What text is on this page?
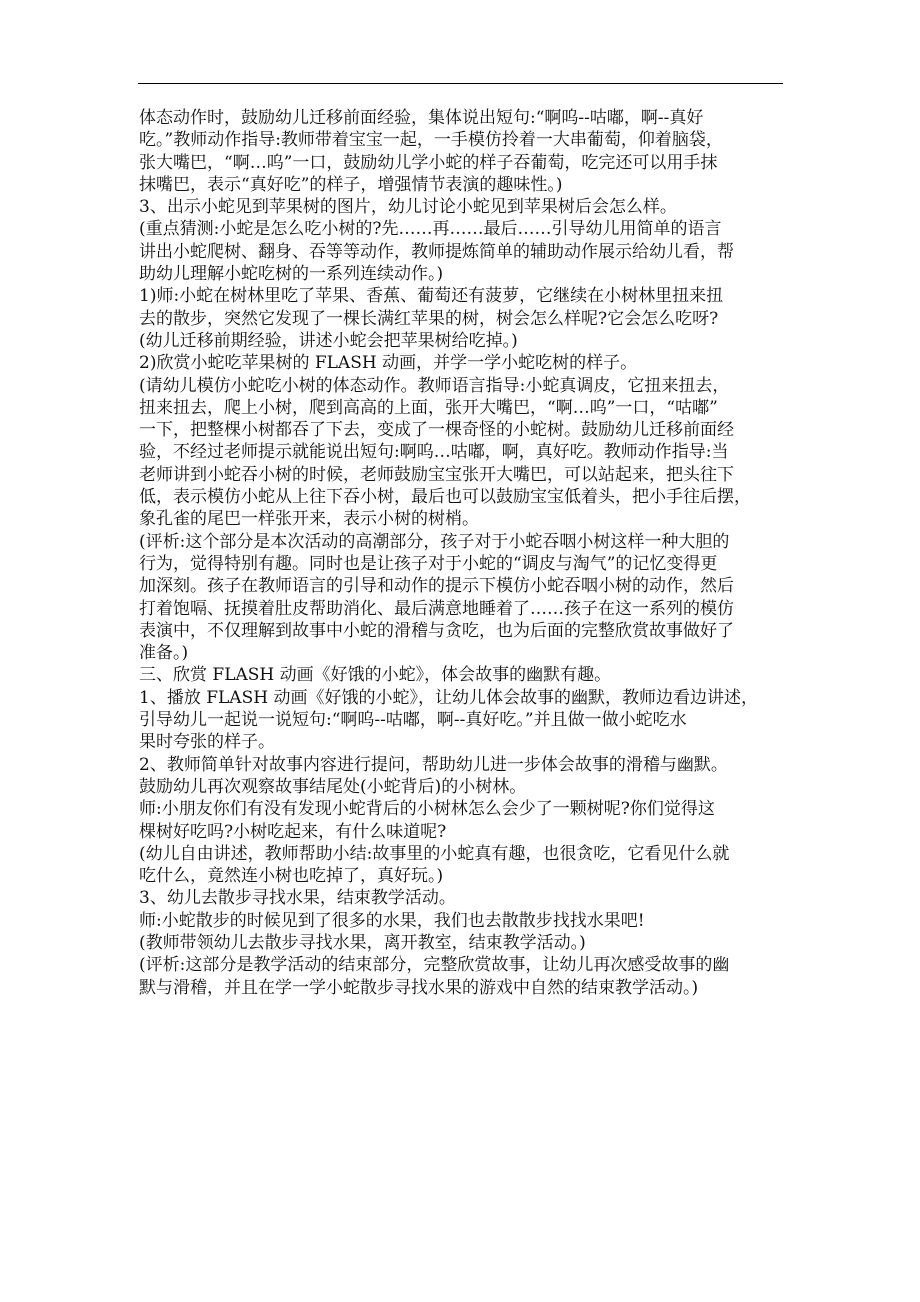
体态动作时，鼓励幼儿迁移前面经验，集体说出短句:“啊呜--咕嘟，啊--真好
吃。”教师动作指导:教师带着宝宝一起，一手模仿拎着一大串葡萄，仰着脑袋，
张大嘴巴，“啊…呜”一口，鼓励幼儿学小蛇的样子吞葡萄，吃完还可以用手抹
抹嘴巴，表示“真好吃”的样子，增强情节表演的趣味性。)
3、出示小蛇见到苹果树的图片，幼儿讨论小蛇见到苹果树后会怎么样。
(重点猜测:小蛇是怎么吃小树的?先……再……最后……引导幼儿用简单的语言
讲出小蛇爬树、翻身、吞等等动作，教师提炼简单的辅助动作展示给幼儿看，帮
助幼儿理解小蛇吃树的一系列连续动作。)
1)师:小蛇在树林里吃了苹果、香蕉、葡萄还有菠萝，它继续在小树林里扭来扭
去的散步，突然它发现了一棵长满红苹果的树，树会怎么样呢?它会怎么吃呀?
(幼儿迁移前期经验，讲述小蛇会把苹果树给吃掉。)
2)欣赏小蛇吃苹果树的 FLASH 动画，并学一学小蛇吃树的样子。
(请幼儿模仿小蛇吃小树的体态动作。教师语言指导:小蛇真调皮，它扭来扭去，
扭来扭去，爬上小树，爬到高高的上面，张开大嘴巴，“啊…呜”一口，“咕嘟”
一下，把整棵小树都吞了下去，变成了一棵奇怪的小蛇树。鼓励幼儿迁移前面经
验，不经过老师提示就能说出短句:啊呜…咕嘟，啊，真好吃。教师动作指导:当
老师讲到小蛇吞小树的时候，老师鼓励宝宝张开大嘴巴，可以站起来，把头往下
低，表示模仿小蛇从上往下吞小树，最后也可以鼓励宝宝低着头，把小手往后摆，
象孔雀的尾巴一样张开来，表示小树的树梢。
(评析:这个部分是本次活动的高潮部分，孩子对于小蛇吞咽小树这样一种大胆的
行为，觉得特别有趣。同时也是让孩子对于小蛇的“调皮与淘气”的记忆变得更
加深刻。孩子在教师语言的引导和动作的提示下模仿小蛇吞咽小树的动作，然后
打着饱嗝、抚摸着肚皮帮助消化、最后满意地睡着了……孩子在这一系列的模仿
表演中，不仅理解到故事中小蛇的滑稽与贪吃，也为后面的完整欣赏故事做好了
准备。)
三、欣赏 FLASH 动画《好饿的小蛇》，体会故事的幽默有趣。
1、播放 FLASH 动画《好饿的小蛇》，让幼儿体会故事的幽默，教师边看边讲述，
引导幼儿一起说一说短句:“啊呜--咕嘟，啊--真好吃。”并且做一做小蛇吃水
果时夸张的样子。
2、教师简单针对故事内容进行提问，帮助幼儿进一步体会故事的滑稽与幽默。
鼓励幼儿再次观察故事结尾处(小蛇背后)的小树林。
师:小朋友你们有没有发现小蛇背后的小树林怎么会少了一颗树呢?你们觉得这
棵树好吃吗?小树吃起来，有什么味道呢?
(幼儿自由讲述，教师帮助小结:故事里的小蛇真有趣，也很贪吃，它看见什么就
吃什么，竟然连小树也吃掉了，真好玩。)
3、幼儿去散步寻找水果，结束教学活动。
师:小蛇散步的时候见到了很多的水果，我们也去散散步找找水果吧!
(教师带领幼儿去散步寻找水果，离开教室，结束教学活动。)
(评析:这部分是教学活动的结束部分，完整欣赏故事，让幼儿再次感受故事的幽
默与滑稽，并且在学一学小蛇散步寻找水果的游戏中自然的结束教学活动。)
